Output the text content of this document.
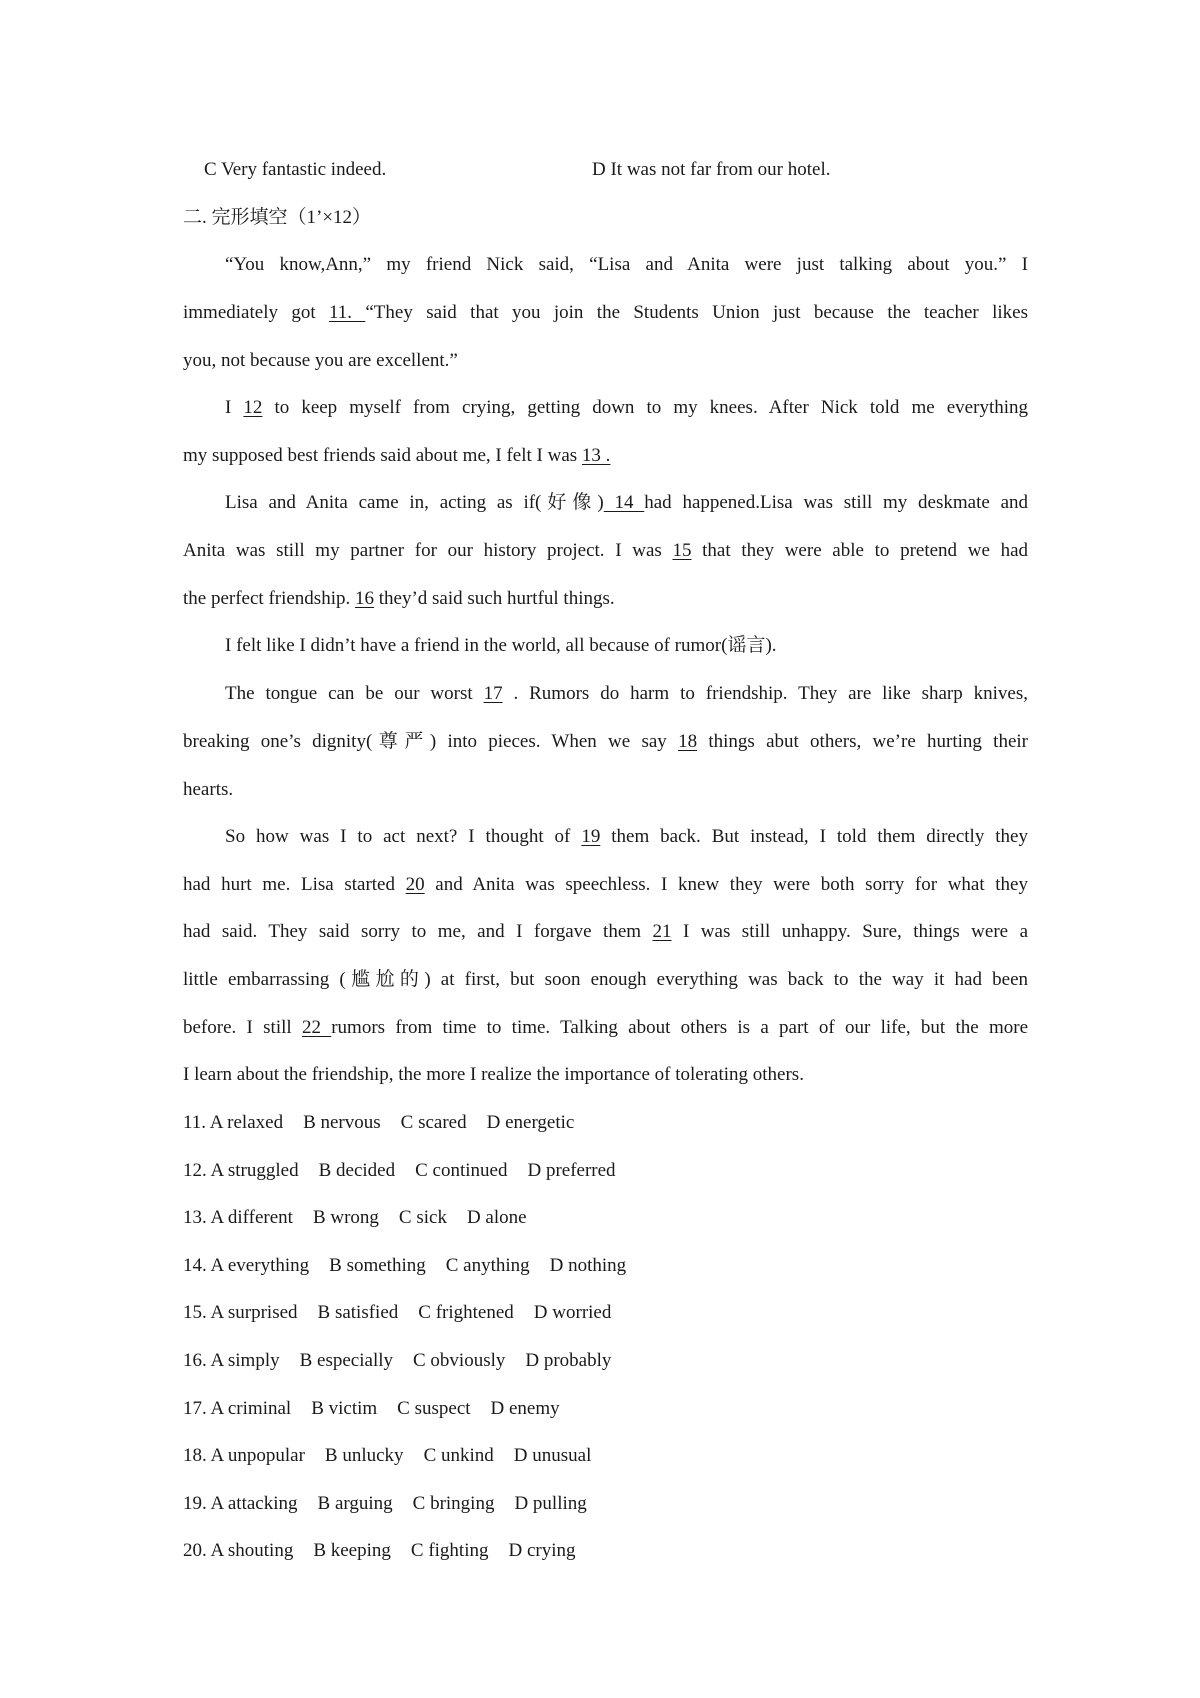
C Very fantastic indeed.	D It was not far from our hotel.
二. 完形填空（1’×12）
“You know,Ann,” my friend Nick said, “Lisa and Anita were just talking about you.” I
immediately got 11. “They said that you join the Students Union just because the teacher likes
you, not because you are excellent.”
I 12 to keep myself from crying, getting down to my knees. After Nick told me everything
my supposed best friends said about me, I felt I was 13 .
Lisa and Anita came in, acting as if(好像) 14 had happened.Lisa was still my deskmate and
Anita was still my partner for our history project. I was 15 that they were able to pretend we had
the perfect friendship. 16 they’d said such hurtful things.
I felt like I didn’t have a friend in the world, all because of rumor(谣言).
The tongue can be our worst 17 . Rumors do harm to friendship. They are like sharp knives,
breaking one’s dignity(尊严) into pieces. When we say 18 things abut others, we’re hurting their
hearts.
So how was I to act next? I thought of 19 them back. But instead, I told them directly they
had hurt me. Lisa started 20 and Anita was speechless. I knew they were both sorry for what they
had said. They said sorry to me, and I forgave them 21 I was still unhappy. Sure, things were a
little embarrassing (尴尬的) at first, but soon enough everything was back to the way it had been
before. I still 22 rumors from time to time. Talking about others is a part of our life, but the more
I learn about the friendship, the more I realize the importance of tolerating others.
11. A relaxed B nervous C scared D energetic
12. A struggled B decided C continued D preferred
13. A different B wrong C sick D alone
14. A everything B something C anything D nothing
15. A surprised B satisfied C frightened D worried
16. A simply B especially C obviously D probably
17. A criminal B victim C suspect D enemy
18. A unpopular B unlucky C unkind D unusual
19. A attacking B arguing C bringing D pulling
20. A shouting B keeping C fighting D crying
